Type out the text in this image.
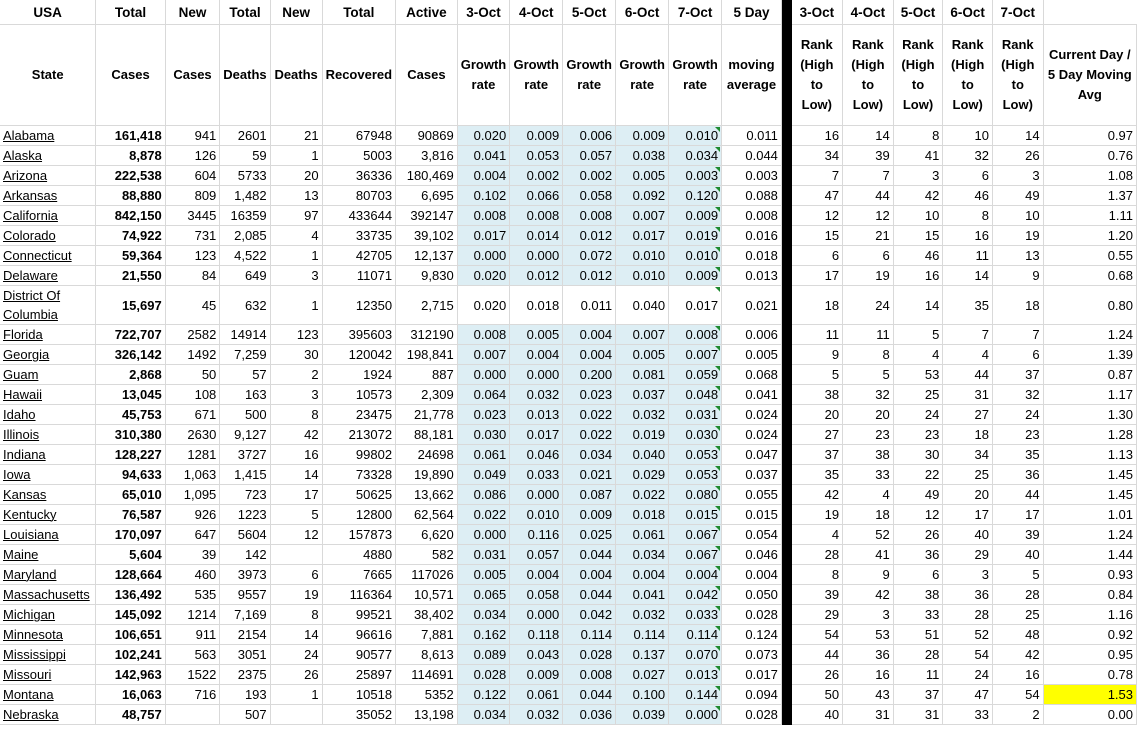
USA	Total	New	Total	New	Total	Active	3-Oct	4-Oct	5-Oct	6-Oct	7-Oct	5 Day		3-Oct	4-Oct	5-Oct	6-Oct	7-Oct	
State	Cases	Cases	Deaths	Deaths	Recovered	Cases	Growth rate	Growth rate	Growth rate	Growth rate	Growth rate	moving average		Rank (High to Low)	Rank (High to Low)	Rank (High to Low)	Rank (High to Low)	Rank (High to Low)	Current Day / 5 Day Moving Avg
Alabama	161,418	941	2601	21	67948	90869	0.020	0.009	0.006	0.009	0.010	0.011		16	14	8	10	14	0.97
Alaska	8,878	126	59	1	5003	3,816	0.041	0.053	0.057	0.038	0.034	0.044		34	39	41	32	26	0.76
Arizona	222,538	604	5733	20	36336	180,469	0.004	0.002	0.002	0.005	0.003	0.003		7	7	3	6	3	1.08
Arkansas	88,880	809	1,482	13	80703	6,695	0.102	0.066	0.058	0.092	0.120	0.088		47	44	42	46	49	1.37
California	842,150	3445	16359	97	433644	392147	0.008	0.008	0.008	0.007	0.009	0.008		12	12	10	8	10	1.11
Colorado	74,922	731	2,085	4	33735	39,102	0.017	0.014	0.012	0.017	0.019	0.016		15	21	15	16	19	1.20
Connecticut	59,364	123	4,522	1	42705	12,137	0.000	0.000	0.072	0.010	0.010	0.018		6	6	46	11	13	0.55
Delaware	21,550	84	649	3	11071	9,830	0.020	0.012	0.012	0.010	0.009	0.013		17	19	16	14	9	0.68
District Of Columbia	15,697	45	632	1	12350	2,715	0.020	0.018	0.011	0.040	0.017	0.021		18	24	14	35	18	0.80
Florida	722,707	2582	14914	123	395603	312190	0.008	0.005	0.004	0.007	0.008	0.006		11	11	5	7	7	1.24
Georgia	326,142	1492	7,259	30	120042	198,841	0.007	0.004	0.004	0.005	0.007	0.005		9	8	4	4	6	1.39
Guam	2,868	50	57	2	1924	887	0.000	0.000	0.200	0.081	0.059	0.068		5	5	53	44	37	0.87
Hawaii	13,045	108	163	3	10573	2,309	0.064	0.032	0.023	0.037	0.048	0.041		38	32	25	31	32	1.17
Idaho	45,753	671	500	8	23475	21,778	0.023	0.013	0.022	0.032	0.031	0.024		20	20	24	27	24	1.30
Illinois	310,380	2630	9,127	42	213072	88,181	0.030	0.017	0.022	0.019	0.030	0.024		27	23	23	18	23	1.28
Indiana	128,227	1281	3727	16	99802	24698	0.061	0.046	0.034	0.040	0.053	0.047		37	38	30	34	35	1.13
Iowa	94,633	1,063	1,415	14	73328	19,890	0.049	0.033	0.021	0.029	0.053	0.037		35	33	22	25	36	1.45
Kansas	65,010	1,095	723	17	50625	13,662	0.086	0.000	0.087	0.022	0.080	0.055		42	4	49	20	44	1.45
Kentucky	76,587	926	1223	5	12800	62,564	0.022	0.010	0.009	0.018	0.015	0.015		19	18	12	17	17	1.01
Louisiana	170,097	647	5604	12	157873	6,620	0.000	0.116	0.025	0.061	0.067	0.054		4	52	26	40	39	1.24
Maine	5,604	39	142		4880	582	0.031	0.057	0.044	0.034	0.067	0.046		28	41	36	29	40	1.44
Maryland	128,664	460	3973	6	7665	117026	0.005	0.004	0.004	0.004	0.004	0.004		8	9	6	3	5	0.93
Massachusetts	136,492	535	9557	19	116364	10,571	0.065	0.058	0.044	0.041	0.042	0.050		39	42	38	36	28	0.84
Michigan	145,092	1214	7,169	8	99521	38,402	0.034	0.000	0.042	0.032	0.033	0.028		29	3	33	28	25	1.16
Minnesota	106,651	911	2154	14	96616	7,881	0.162	0.118	0.114	0.114	0.114	0.124		54	53	51	52	48	0.92
Mississippi	102,241	563	3051	24	90577	8,613	0.089	0.043	0.028	0.137	0.070	0.073		44	36	28	54	42	0.95
Missouri	142,963	1522	2375	26	25897	114691	0.028	0.009	0.008	0.027	0.013	0.017		26	16	11	24	16	0.78
Montana	16,063	716	193	1	10518	5352	0.122	0.061	0.044	0.100	0.144	0.094		50	43	37	47	54	1.53
Nebraska	48,757		507		35052	13,198	0.034	0.032	0.036	0.039	0.000	0.028		40	31	31	33	2	0.00
